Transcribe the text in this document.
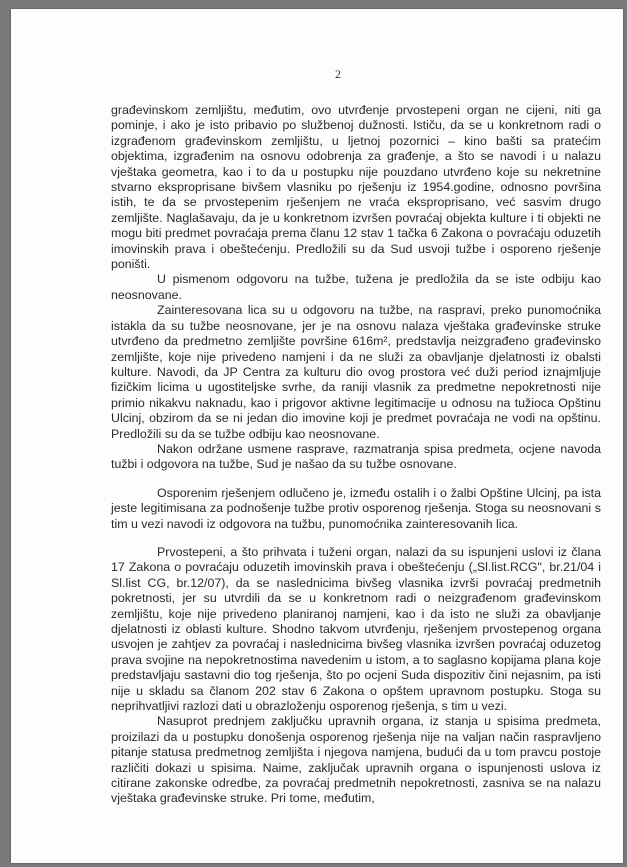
2

građevinskom zemljištu, međutim, ovo utvrđenje prvostepeni organ ne cijeni, niti ga pominje, i ako je isto pribavio po službenoj dužnosti. Ističu, da se u konkretnom radi o izgrađenom građevinskom zemljištu, u ljetnoj pozornici – kino bašti sa pratećim objektima, izgrađenim na osnovu odobrenja za građenje, a što se navodi i u nalazu vještaka geometra, kao i to da u postupku nije pouzdano utvrđeno koje su nekretnine stvarno eksproprisane bivšem vlasniku po rješenju iz 1954.godine, odnosno površina istih, te da se prvostepenim rješenjem ne vraća eksproprisano, već sasvim drugo zemljište. Naglašavaju, da je u konkretnom izvršen povraćaj objekta kulture i ti objekti ne mogu biti predmet povraćaja prema članu 12 stav 1 tačka 6 Zakona o povraćaju oduzetih imovinskih prava i obeštećenju. Predložili su da Sud usvoji tužbe i osporeno rješenje poništi.

U pismenom odgovoru na tužbe, tužena je predložila da se iste odbiju kao neosnovane.

Zainteresovana lica su u odgovoru na tužbe, na raspravi, preko punomoćnika istakla da su tužbe neosnovane, jer je na osnovu nalaza vještaka građevinske struke utvrđeno da predmetno zemljište površine 616m², predstavlja neizgrađeno građevinsko zemljište, koje nije privedeno namjeni i da ne služi za obavljanje djelatnosti iz obalsti kulture. Navodi, da JP Centra za kulturu dio ovog prostora već duži period iznajmljuje fizičkim licima u ugostiteljske svrhe, da raniji vlasnik za predmetne nepokretnosti nije primio nikakvu naknadu, kao i prigovor aktivne legitimacije u odnosu na tužioca Opštinu Ulcinj, obzirom da se ni jedan dio imovine koji je predmet povraćaja ne vodi na opštinu. Predložili su da se tužbe odbiju kao neosnovane.

Nakon održane usmene rasprave, razmatranja spisa predmeta, ocjene navoda tužbi i odgovora na tužbe, Sud je našao da su tužbe osnovane.

Osporenim rješenjem odlučeno je, između ostalih i o žalbi Opštine Ulcinj, pa ista jeste legitimisana za podnošenje tužbe protiv osporenog rješenja. Stoga su neosnovani s tim u vezi navodi iz odgovora na tužbu, punomoćnika zainteresovanih lica.

Prvostepeni, a što prihvata i tuženi organ, nalazi da su ispunjeni uslovi iz člana 17 Zakona o povraćaju oduzetih imovinskih prava i obeštećenju („Sl.list.RCG", br.21/04 i Sl.list CG, br.12/07), da se naslednicima bivšeg vlasnika izvrši povraćaj predmetnih pokretnosti, jer su utvrdili da se u konkretnom radi o neizgrađenom građevinskom zemljištu, koje nije privedeno planiranoj namjeni, kao i da isto ne služi za obavljanje djelatnosti iz oblasti kulture. Shodno takvom utvrđenju, rješenjem prvostepenog organa usvojen je zahtjev za povraćaj i naslednicima bivšeg vlasnika izvršen povraćaj oduzetog prava svojine na nepokretnostima navedenim u istom, a to saglasno kopijama plana koje predstavljaju sastavni dio tog rješenja, što po ocjeni Suda dispozitiv čini nejasnim, pa isti nije u skladu sa članom 202 stav 6 Zakona o opštem upravnom postupku. Stoga su neprihvatljivi razlozi dati u obrazloženju osporenog rješenja, s tim u vezi.

Nasuprot prednjem zaključku upravnih organa, iz stanja u spisima predmeta, proizilazi da u postupku donošenja osporenog rješenja nije na valjan način raspravljeno pitanje statusa predmetnog zemljišta i njegova namjena, budući da u tom pravcu postoje različiti dokazi u spisima. Naime, zaključak upravnih organa o ispunjenosti uslova iz citirane zakonske odredbe, za povraćaj predmetnih nepokretnosti, zasniva se na nalazu vještaka građevinske struke. Pri tome, međutim,
